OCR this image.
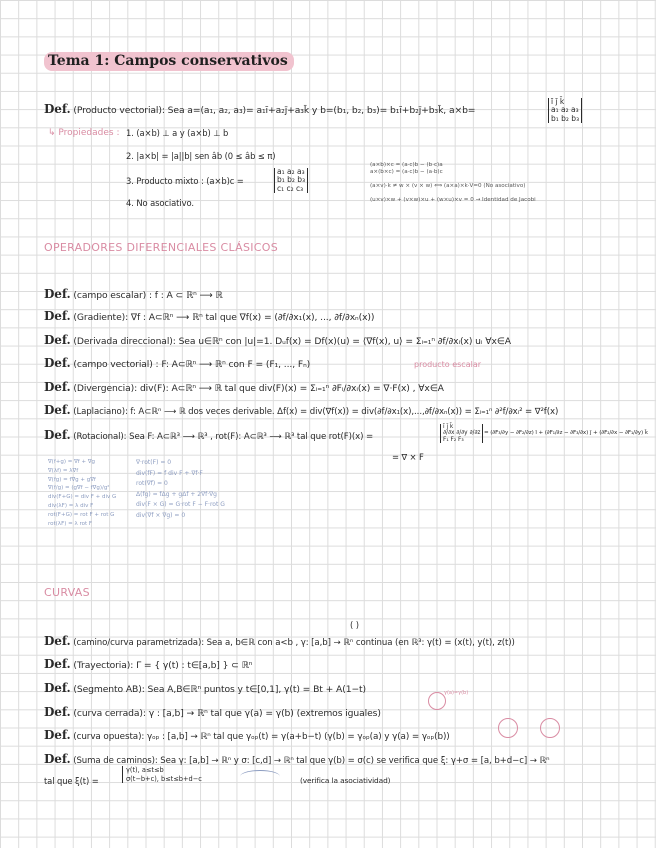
Tema 1: Campos conservativos
Def. (Producto vectorial): Sea a=(a₁, a₂, a₃)= a₁ī+a₂j̄+a₃k̄ y b=(b₁, b₂, b₃)= b₁ī+b₂j̄+b₃k̄, a×b=
ī j̄ k̄
a₁ a₂ a₃
b₁ b₂ b₃
↳ Propiedades : 1. (a×b) ⊥ a y (a×b) ⊥ b
2. |a×b| = |a||b| sen âb (0 ≤ âb ≤ π)
3. Producto mixto : (a×b)c =
a₁ a₂ a₃
b₁ b₂ b₃
c₁ c₂ c₃
4. No asociativo.
(a×b)×c = (a·c)b − (b·c)a
a×(b×c) = (a·c)b − (a·b)c
(a×v)·k ≠ w × (v × w) ⟺ (a×a)×k·V=0 (No asociativo)
(u×v)×w + (v×w)×u + (w×u)×v = 0 → Identidad de Jacobi
OPERADORES DIFERENCIALES CLÁSICOS
Def. (campo escalar) : f : A ⊂ ℝⁿ ⟶ ℝ
Def. (Gradiente): ∇f : A⊂ℝⁿ ⟶ ℝⁿ tal que ∇f(x) = (∂f/∂x₁(x), ..., ∂f/∂xₙ(x))
Def. (Derivada direccional): Sea u∈ℝⁿ con |u|=1. Dᵤf(x) = Df(x)(u) = ⟨∇f(x), u⟩ = Σᵢ₌₁ⁿ ∂f/∂xᵢ(x) uᵢ ∀x∈A
Def. (campo vectorial) : F: A⊂ℝⁿ ⟶ ℝⁿ con F = (F₁, ..., Fₙ)	producto escalar
Def. (Divergencia): div(F): A⊂ℝⁿ ⟶ ℝ tal que div(F)(x) = Σᵢ₌₁ⁿ ∂Fᵢ/∂xᵢ(x) = ∇·F(x) , ∀x∈A
Def. (Laplaciano): f: A⊂ℝⁿ ⟶ ℝ dos veces derivable. Δf(x) = div(∇f(x)) = div(∂f/∂x₁(x),...,∂f/∂xₙ(x)) = Σᵢ₌₁ⁿ ∂²f/∂xᵢ² = ∇²f(x)
Def. (Rotacional): Sea F: A⊂ℝ³ ⟶ ℝ³ , rot(F): A⊂ℝ³ ⟶ ℝ³ tal que rot(F)(x) =
ī j̄ k̄
∂/∂x ∂/∂y ∂/∂z
F₁ F₂ F₃
= (∂F₃/∂y − ∂F₂/∂z) ī + (∂F₁/∂z − ∂F₃/∂x) j̄ + (∂F₂/∂x − ∂F₁/∂y) k̄
= ∇ × F
∇(f+g) = ∇f + ∇g
∇(λf) = λ∇f
∇(fg) = f∇g + g∇f
∇(f/g) = (g∇f − f∇g)/g²
div(F+G) = div F + div G
div(λF) = λ div F
rot(F+G) = rot F + rot G
rot(λF) = λ rot F
∇·rot(F) = 0
div(fF) = f div F + ∇f·F
rot(∇f) = 0
Δ(fg) = fΔg + gΔf + 2∇f·∇g
div(F × G) = G·rot F − F·rot G
div(∇f × ∇g) = 0
CURVAS
( )
Def. (camino/curva parametrizada): Sea a, b∈ℝ con a<b , γ: [a,b] → ℝⁿ continua (en ℝ³: γ(t) = (x(t), y(t), z(t))
Def. (Trayectoria): Γ = { γ(t) : t∈[a,b] } ⊂ ℝⁿ
Def. (Segmento AB): Sea A,B∈ℝⁿ puntos y t∈[0,1], γ(t) = Bt + A(1−t)
Def. (curva cerrada): γ : [a,b] → ℝⁿ tal que γ(a) = γ(b) (extremos iguales)
γ(a)=γ(b)
Def. (curva opuesta): γₒₚ : [a,b] → ℝⁿ tal que γₒₚ(t) = γ(a+b−t) (γ(b) = γₒₚ(a) y γ(a) = γₒₚ(b))
Def. (Suma de caminos): Sea γ: [a,b] → ℝⁿ y σ: [c,d] → ℝⁿ tal que γ(b) = σ(c) se verifica que ξ: γ+σ = [a, b+d−c] → ℝⁿ
tal que ξ(t) =
γ(t), a≤t≤b
σ(t−b+c), b≤t≤b+d−c	(verifica la asociatividad)
